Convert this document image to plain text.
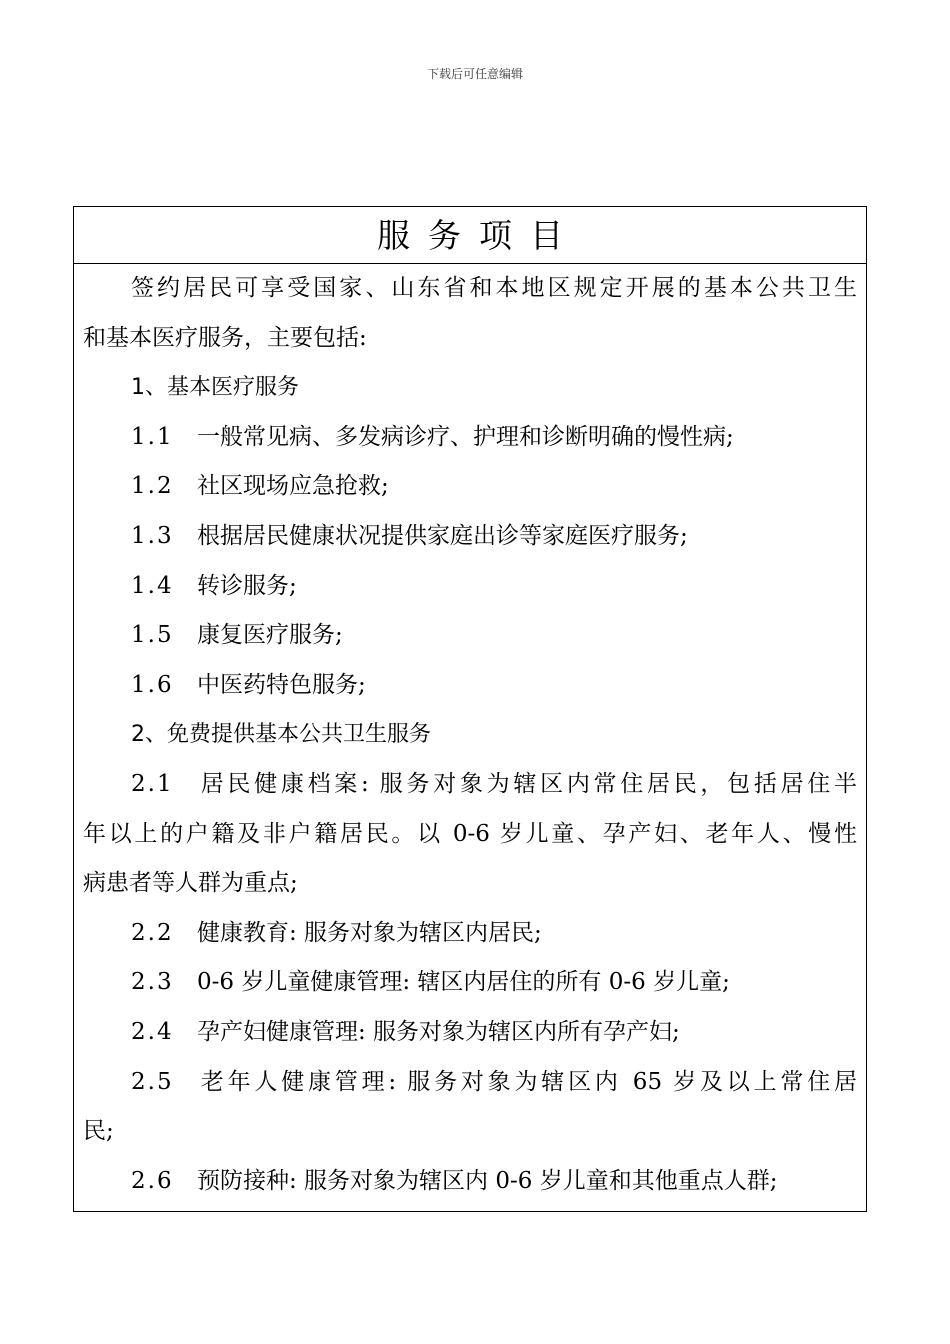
下载后可任意编辑
服务项目
签约居民可享受国家、山东省和本地区规定开展的基本公共卫生
和基本医疗服务，主要包括:
1、基本医疗服务
1.1 一般常见病、多发病诊疗、护理和诊断明确的慢性病;
1.2 社区现场应急抢救;
1.3 根据居民健康状况提供家庭出诊等家庭医疗服务;
1.4 转诊服务;
1.5 康复医疗服务;
1.6 中医药特色服务;
2、免费提供基本公共卫生服务
2.1 居民健康档案: 服务对象为辖区内常住居民，包括居住半
年以上的户籍及非户籍居民。以 0-6 岁儿童、孕产妇、老年人、慢性
病患者等人群为重点;
2.2 健康教育: 服务对象为辖区内居民;
2.3 0-6 岁儿童健康管理: 辖区内居住的所有 0-6 岁儿童;
2.4 孕产妇健康管理: 服务对象为辖区内所有孕产妇;
2.5 老年人健康管理: 服务对象为辖区内 65 岁及以上常住居
民;
2.6 预防接种: 服务对象为辖区内 0-6 岁儿童和其他重点人群;
